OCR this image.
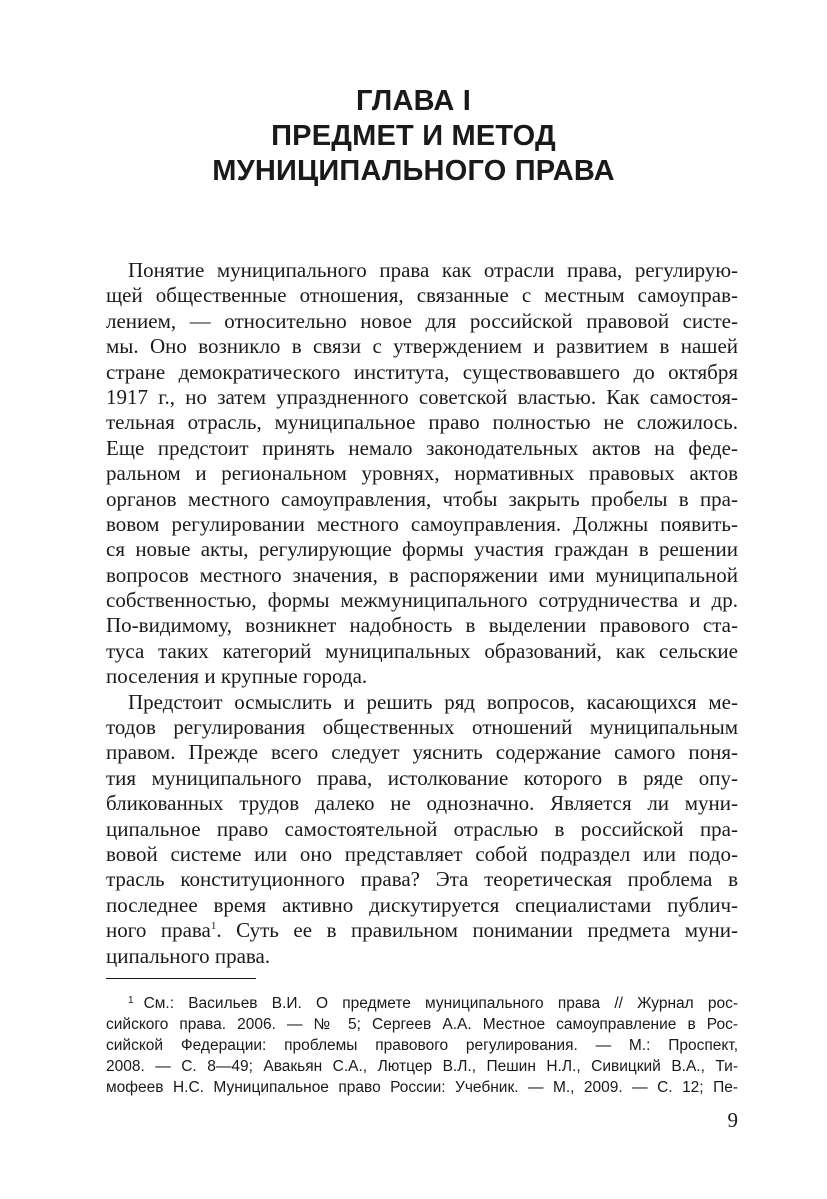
ГЛАВА I
ПРЕДМЕТ И МЕТОД
МУНИЦИПАЛЬНОГО ПРАВА
Понятие муниципального права как отрасли права, регулирую-
щей общественные отношения, связанные с местным самоуправ-
лением, — относительно новое для российской правовой систе-
мы. Оно возникло в связи с утверждением и развитием в нашей
стране демократического института, существовавшего до октября
1917 г., но затем упраздненного советской властью. Как самостоя-
тельная отрасль, муниципальное право полностью не сложилось.
Еще предстоит принять немало законодательных актов на феде-
ральном и региональном уровнях, нормативных правовых актов
органов местного самоуправления, чтобы закрыть пробелы в пра-
вовом регулировании местного самоуправления. Должны появить-
ся новые акты, регулирующие формы участия граждан в решении
вопросов местного значения, в распоряжении ими муниципальной
собственностью, формы межмуниципального сотрудничества и др.
По-видимому, возникнет надобность в выделении правового ста-
туса таких категорий муниципальных образований, как сельские
поселения и крупные города.
Предстоит осмыслить и решить ряд вопросов, касающихся ме-
тодов регулирования общественных отношений муниципальным
правом. Прежде всего следует уяснить содержание самого поня-
тия муниципального права, истолкование которого в ряде опу-
бликованных трудов далеко не однозначно. Является ли муни-
ципальное право самостоятельной отраслью в российской пра-
вовой системе или оно представляет собой подраздел или подо-
трасль конституционного права? Эта теоретическая проблема в
последнее время активно дискутируется специалистами публич-
ного права$^1$. Суть ее в правильном понимании предмета муни-
ципального права.
$^1$ См.: Васильев В.И. О предмете муниципального права // Журнал рос-
сийского права. 2006. — № 5; Сергеев А.А. Местное самоуправление в Рос-
сийской Федерации: проблемы правового регулирования. — М.: Проспект,
2008. — С. 8—49; Авакьян С.А., Лютцер В.Л., Пешин Н.Л., Сивицкий В.А., Ти-
мофеев Н.С. Муниципальное право России: Учебник. — М., 2009. — С. 12; Пе-
9
